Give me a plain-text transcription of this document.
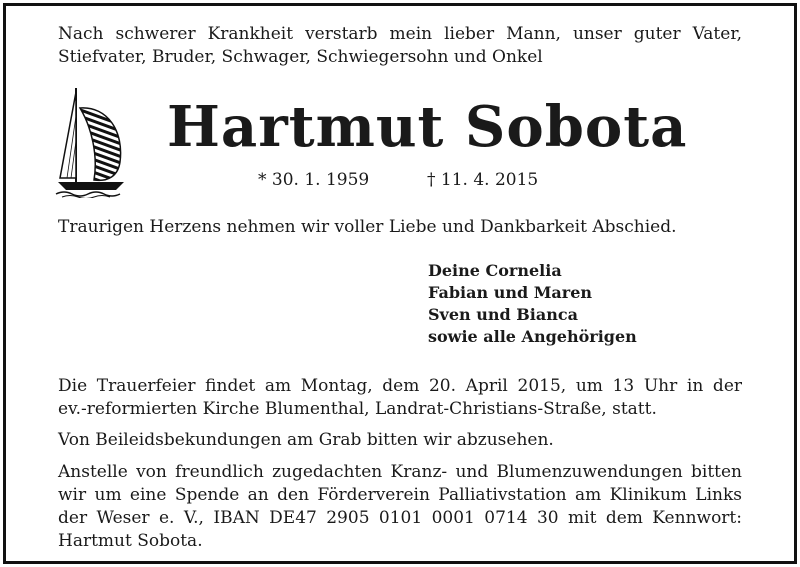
Nach schwerer Krankheit verstarb mein lieber Mann, unser guter Vater,
Stiefvater, Bruder, Schwager, Schwiegersohn und Onkel
Hartmut Sobota
* 30. 1. 1959	† 11. 4. 2015
Traurigen Herzens nehmen wir voller Liebe und Dankbarkeit Abschied.
Deine Cornelia
Fabian und Maren
Sven und Bianca
sowie alle Angehörigen
Die Trauerfeier findet am Montag, dem 20. April 2015, um 13 Uhr in der
ev.-reformierten Kirche Blumenthal, Landrat-Christians-Straße, statt.
Von Beileidsbekundungen am Grab bitten wir abzusehen.
Anstelle von freundlich zugedachten Kranz- und Blumenzuwendungen bitten
wir um eine Spende an den Förderverein Palliativstation am Klinikum Links
der Weser e. V., IBAN DE47 2905 0101 0001 0714 30 mit dem Kennwort:
Hartmut Sobota.
